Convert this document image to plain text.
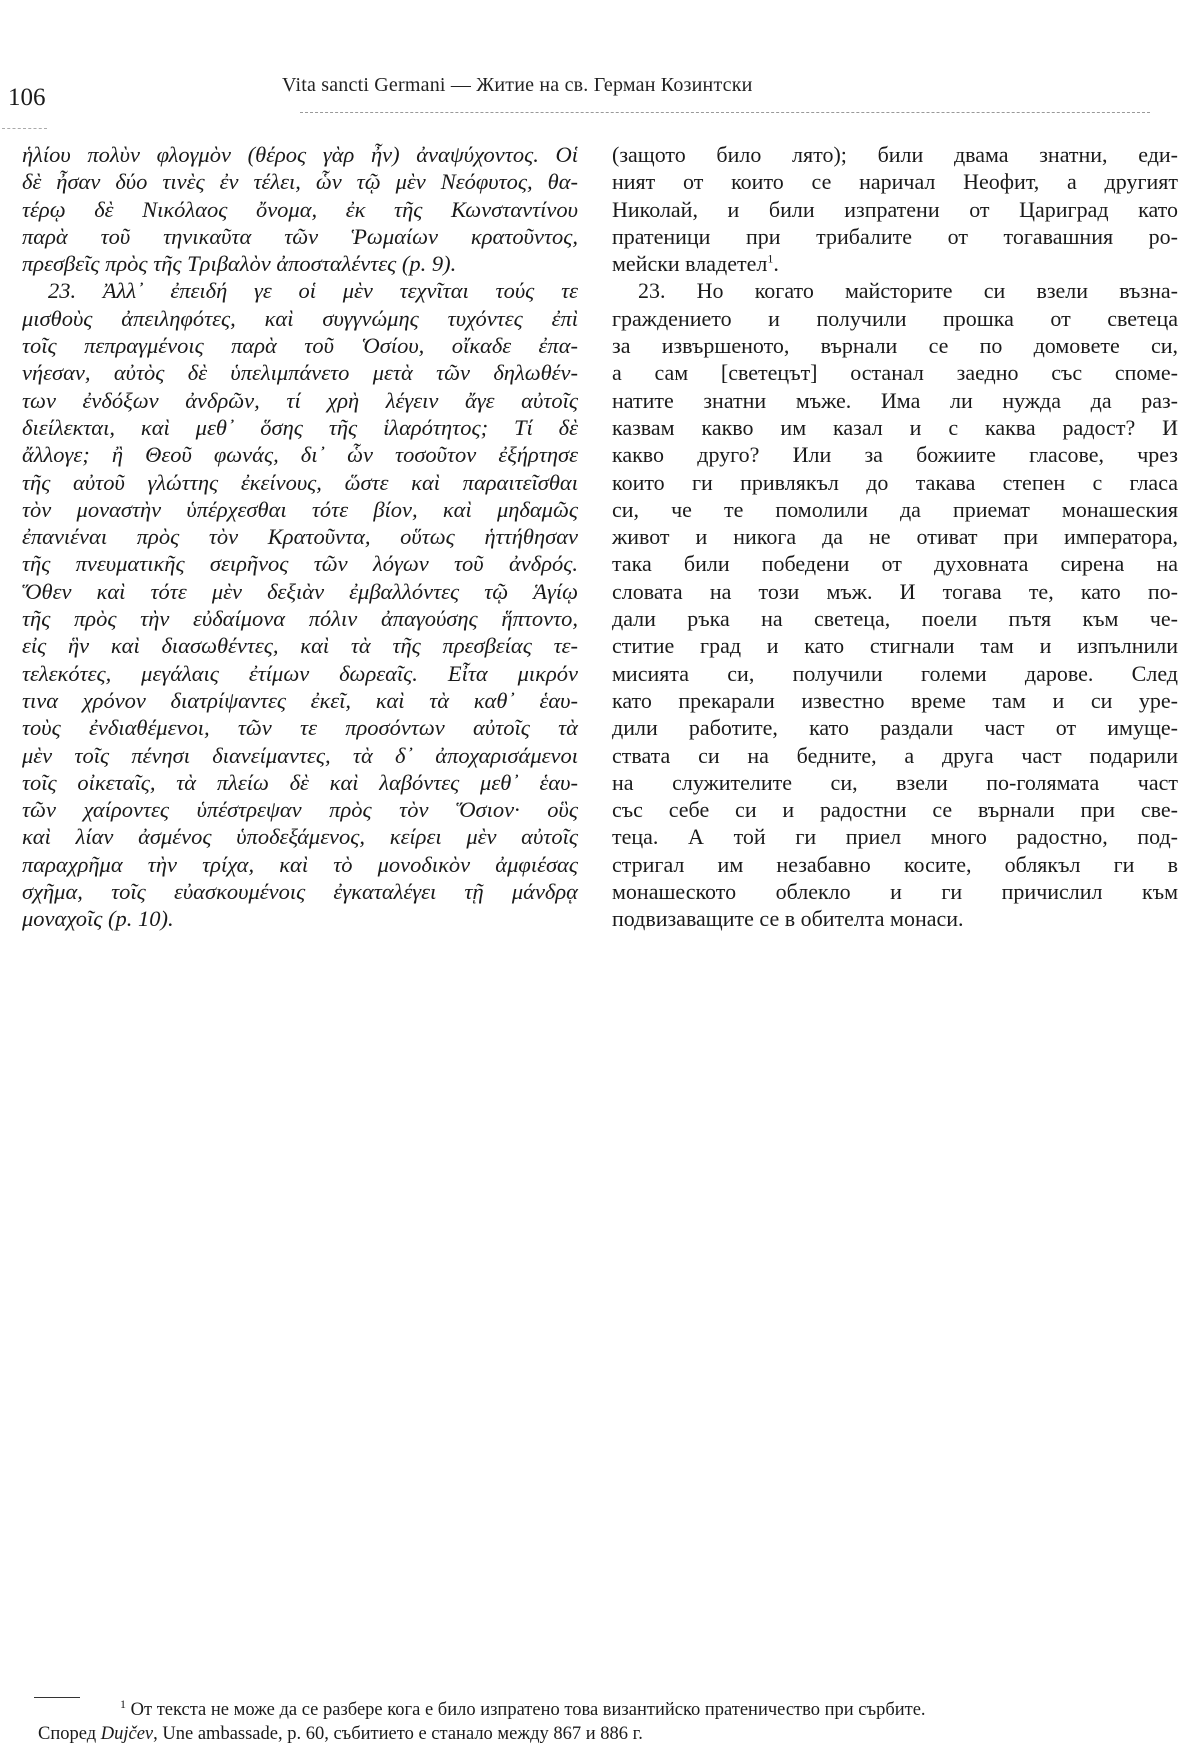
106	Vita sancti Germani — Житие на св. Герман Козинтски
ἡλίου πολὺν φλογμὸν (θέρος γὰρ ἦν) ἀναψύχοντος. Οἱ
δὲ ἦσαν δύο τινὲς ἐν τέλει, ὧν τῷ μὲν Νεόφυτος, θα-
τέρῳ δὲ Νικόλαος ὄνομα, ἐκ τῆς Κωνσταντίνου
παρὰ τοῦ τηνικαῦτα τῶν Ῥωμαίων κρατοῦντος,
πρεσβεῖς πρὸς τῆς Τριβαλὸν ἀποσταλέντες (p. 9).
23. Ἀλλ᾽ ἐπειδή γε οἱ μὲν τεχνῖται τούς τε
μισθοὺς ἀπειληφότες, καὶ συγγνώμης τυχόντες ἐπὶ
τοῖς πεπραγμένοις παρὰ τοῦ Ὁσίου, οἴκαδε ἐπα-
νήεσαν, αὐτὸς δὲ ὑπελιμπάνετο μετὰ τῶν δηλωθέν-
των ἐνδόξων ἀνδρῶν, τί χρὴ λέγειν ἄγε αὐτοῖς
διείλεκται, καὶ μεθ᾽ ὅσης τῆς ἱλαρότητος; Τί δὲ
ἄλλογε; ἢ Θεοῦ φωνάς, δι᾽ ὧν τοσοῦτον ἐξήρτησε
τῆς αὐτοῦ γλώττης ἐκείνους, ὥστε καὶ παραιτεῖσθαι
τὸν μοναστὴν ὑπέρχεσθαι τότε βίον, καὶ μηδαμῶς
ἐπανιέναι πρὸς τὸν Κρατοῦντα, οὕτως ἡττήθησαν
τῆς πνευματικῆς σειρῆνος τῶν λόγων τοῦ ἀνδρός.
Ὅθεν καὶ τότε μὲν δεξιὰν ἐμβαλλόντες τῷ Ἁγίῳ
τῆς πρὸς τὴν εὐδαίμονα πόλιν ἀπαγούσης ἥπτοντο,
εἰς ἣν καὶ διασωθέντες, καὶ τὰ τῆς πρεσβείας τε-
τελεκότες, μεγάλαις ἐτίμων δωρεαῖς. Εἶτα μικρόν
τινα χρόνον διατρίψαντες ἐκεῖ, καὶ τὰ καθ᾽ ἑαυ-
τοὺς ἐνδιαθέμενοι, τῶν τε προσόντων αὐτοῖς τὰ
μὲν τοῖς πένησι διανείμαντες, τὰ δ᾽ ἀποχαρισάμενοι
τοῖς οἰκεταῖς, τὰ πλείω δὲ καὶ λαβόντες μεθ᾽ ἑαυ-
τῶν χαίροντες ὑπέστρεψαν πρὸς τὸν Ὅσιον· οὓς
καὶ λίαν ἀσμένος ὑποδεξάμενος, κείρει μὲν αὐτοῖς
παραχρῆμα τὴν τρίχα, καὶ τὸ μονοδικὸν ἀμφιέσας
σχῆμα, τοῖς εὐασκουμένοις ἐγκαταλέγει τῇ μάνδρᾳ
μοναχοῖς (p. 10).
(защото било лято); били двама знатни, еди-
ният от които се наричал Неофит, а другият
Николай, и били изпратени от Цариград като
пратеници при трибалите от тогавашния ро-
мейски владетел$^1$.
23. Но когато майсторите си взели възна-
граждението и получили прошка от светеца
за извършеното, върнали се по домовете си,
а сам [светецът] останал заедно със споме-
натите знатни мъже. Има ли нужда да раз-
казвам какво им казал и с каква радост? И
какво друго? Или за божиите гласове, чрез
които ги привлякъл до такава степен с гласа
си, че те помолили да приемат монашеския
живот и никога да не отиват при императора,
така били победени от духовната сирена на
словата на този мъж. И тогава те, като по-
дали ръка на светеца, поели пътя към че-
ститие град и като стигнали там и изпълнили
мисията си, получили големи дарове. След
като прекарали известно време там и си уре-
дили работите, като раздали част от имуще-
ствата си на бедните, а друга част подарили
на служителите си, взели по-голямата част
със себе си и радостни се върнали при све-
теца. А той ги приел много радостно, под-
стригал им незабавно косите, облякъл ги в
монашеското облекло и ги причислил към
подвизаващите се в обителта монаси.
$^1$ От текста не може да се разбере кога е било изпратено това византийско пратеничество при сърбите.
Според Dujčev, Une ambassade, p. 60, събитието е станало между 867 и 886 г.
